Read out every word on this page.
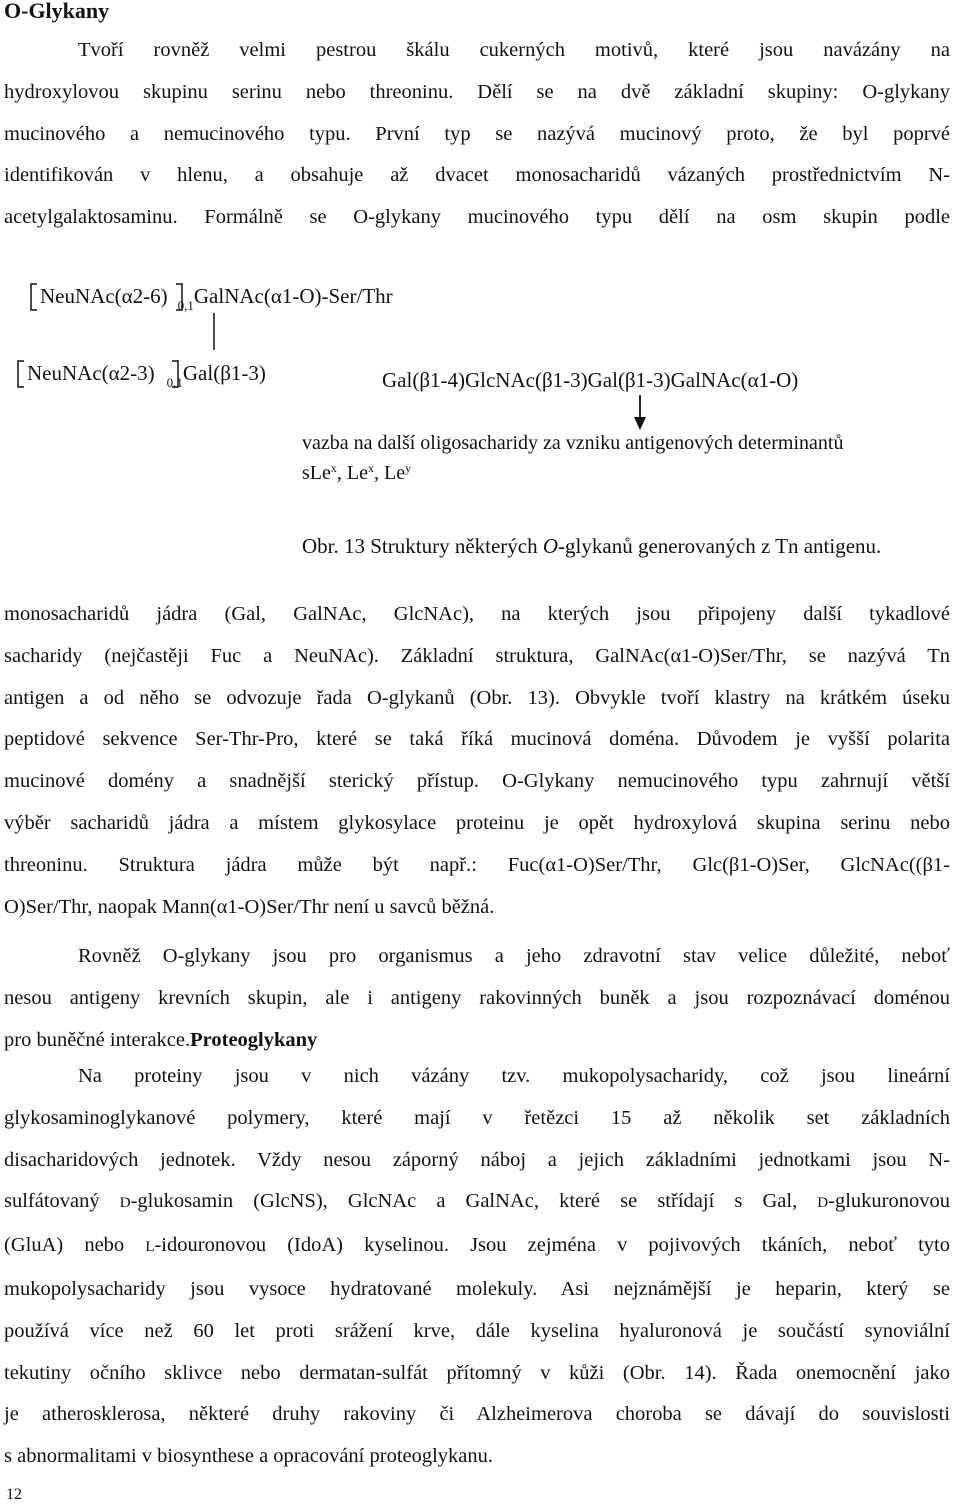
O-Glykany
Tvoří rovněž velmi pestrou škálu cukerných motivů, které jsou navázány na
hydroxylovou skupinu serinu nebo threoninu. Dělí se na dvě základní skupiny: O-glykany
mucinového a nemucinového typu. První typ se nazývá mucinový proto, že byl poprvé
identifikován v hlenu, a obsahuje až dvacet monosacharidů vázaných prostřednictvím N-
acetylgalaktosaminu. Formálně se O-glykany mucinového typu dělí na osm skupin podle
NeuNAc(α2-6) $_{0,1}$GalNAc(α1-O)-Ser/Thr
NeuNAc(α2-3) $_{0,1}$Gal(β1-3)	Gal(β1-4)GlcNAc(β1-3)Gal(β1-3)GalNAc(α1-O)
vazba na další oligosacharidy za vzniku antigenových determinantů
sLe$^x$, Le$^x$, Le$^y$
Obr. 13 Struktury některých O-glykanů generovaných z Tn antigenu.
monosacharidů jádra (Gal, GalNAc, GlcNAc), na kterých jsou připojeny další tykadlové
sacharidy (nejčastěji Fuc a NeuNAc). Základní struktura, GalNAc(α1-O)Ser/Thr, se nazývá Tn
antigen a od něho se odvozuje řada O-glykanů (Obr. 13). Obvykle tvoří klastry na krátkém úseku
peptidové sekvence Ser-Thr-Pro, které se taká říká mucinová doména. Důvodem je vyšší polarita
mucinové domény a snadnější sterický přístup. O-Glykany nemucinového typu zahrnují větší
výběr sacharidů jádra a místem glykosylace proteinu je opět hydroxylová skupina serinu nebo
threoninu. Struktura jádra může být např.: Fuc(α1-O)Ser/Thr, Glc(β1-O)Ser, GlcNAc((β1-
O)Ser/Thr, naopak Mann(α1-O)Ser/Thr není u savců běžná.
Rovněž O-glykany jsou pro organismus a jeho zdravotní stav velice důležité, neboť
nesou antigeny krevních skupin, ale i antigeny rakovinných buněk a jsou rozpoznávací doménou
pro buněčné interakce.Proteoglykany
Na proteiny jsou v nich vázány tzv. mukopolysacharidy, což jsou lineární
glykosaminoglykanové polymery, které mají v řetězci 15 až několik set základních
disacharidových jednotek. Vždy nesou záporný náboj a jejich základními jednotkami jsou N-
sulfátovaný D-glukosamin (GlcNS), GlcNAc a GalNAc, které se střídají s Gal, D-glukuronovou
(GluA) nebo L-idouronovou (IdoA) kyselinou. Jsou zejména v pojivových tkáních, neboť tyto
mukopolysacharidy jsou vysoce hydratované molekuly. Asi nejznámější je heparin, který se
používá více než 60 let proti srážení krve, dále kyselina hyaluronová je součástí synoviální
tekutiny očního sklivce nebo dermatan-sulfát přítomný v kůži (Obr. 14). Řada onemocnění jako
je atherosklerosa, některé druhy rakoviny či Alzheimerova choroba se dávají do souvislosti
s abnormalitami v biosynthese a opracování proteoglykanu.
12
